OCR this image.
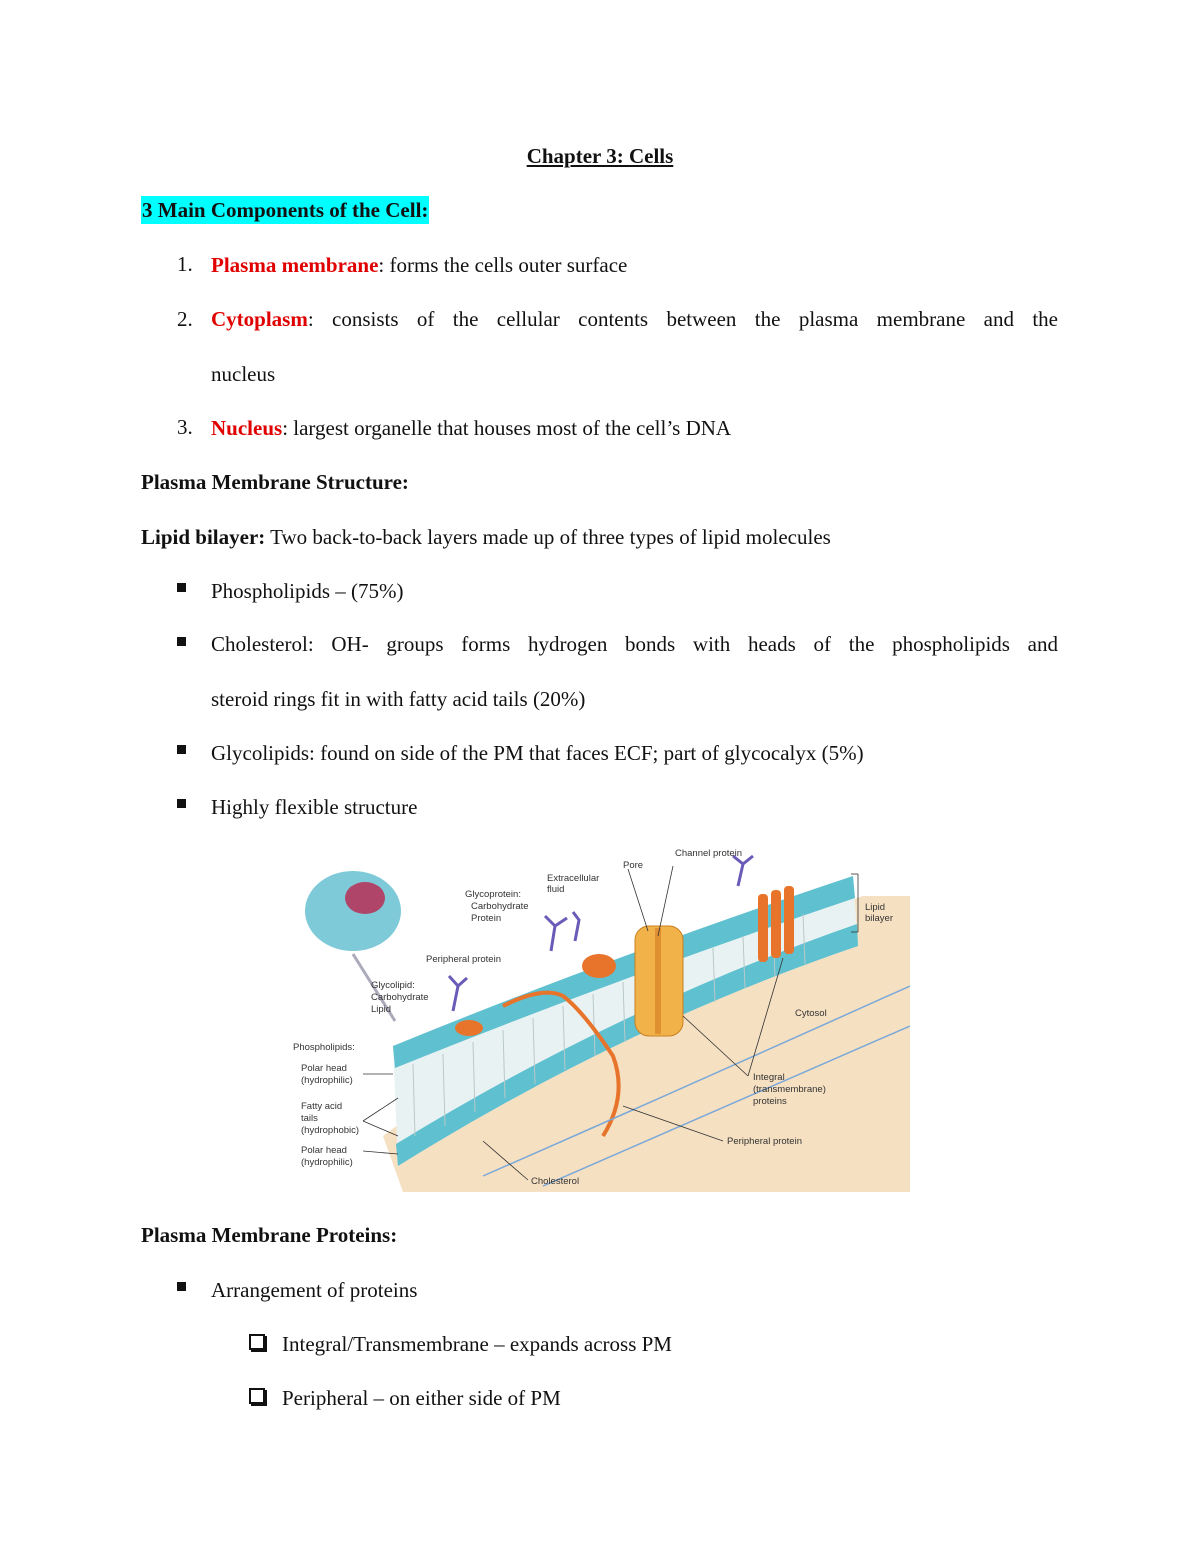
Chapter 3: Cells
3 Main Components of the Cell:
1. Plasma membrane: forms the cells outer surface
2. Cytoplasm: consists of the cellular contents between the plasma membrane and the
nucleus
3. Nucleus: largest organelle that houses most of the cell’s DNA
Plasma Membrane Structure:
Lipid bilayer: Two back-to-back layers made up of three types of lipid molecules
Phospholipids – (75%)
Cholesterol: OH- groups forms hydrogen bonds with heads of the phospholipids and
steroid rings fit in with fatty acid tails (20%)
Glycolipids: found on side of the PM that faces ECF; part of glycocalyx (5%)
Highly flexible structure
Channel protein
Pore
Extracellular
fluid
Glycoprotein:
Carbohydrate
Protein
Lipid
bilayer
Peripheral protein
Glycolipid:
Carbohydrate
Lipid	Cytosol
Phospholipids:
Polar head
(hydrophilic)
Fatty acid
tails
(hydrophobic)
Polar head
(hydrophilic)
Integral
(transmembrane)
proteins
Peripheral protein
Cholesterol
Plasma Membrane Proteins:
Arrangement of proteins
Integral/Transmembrane – expands across PM
Peripheral – on either side of PM
